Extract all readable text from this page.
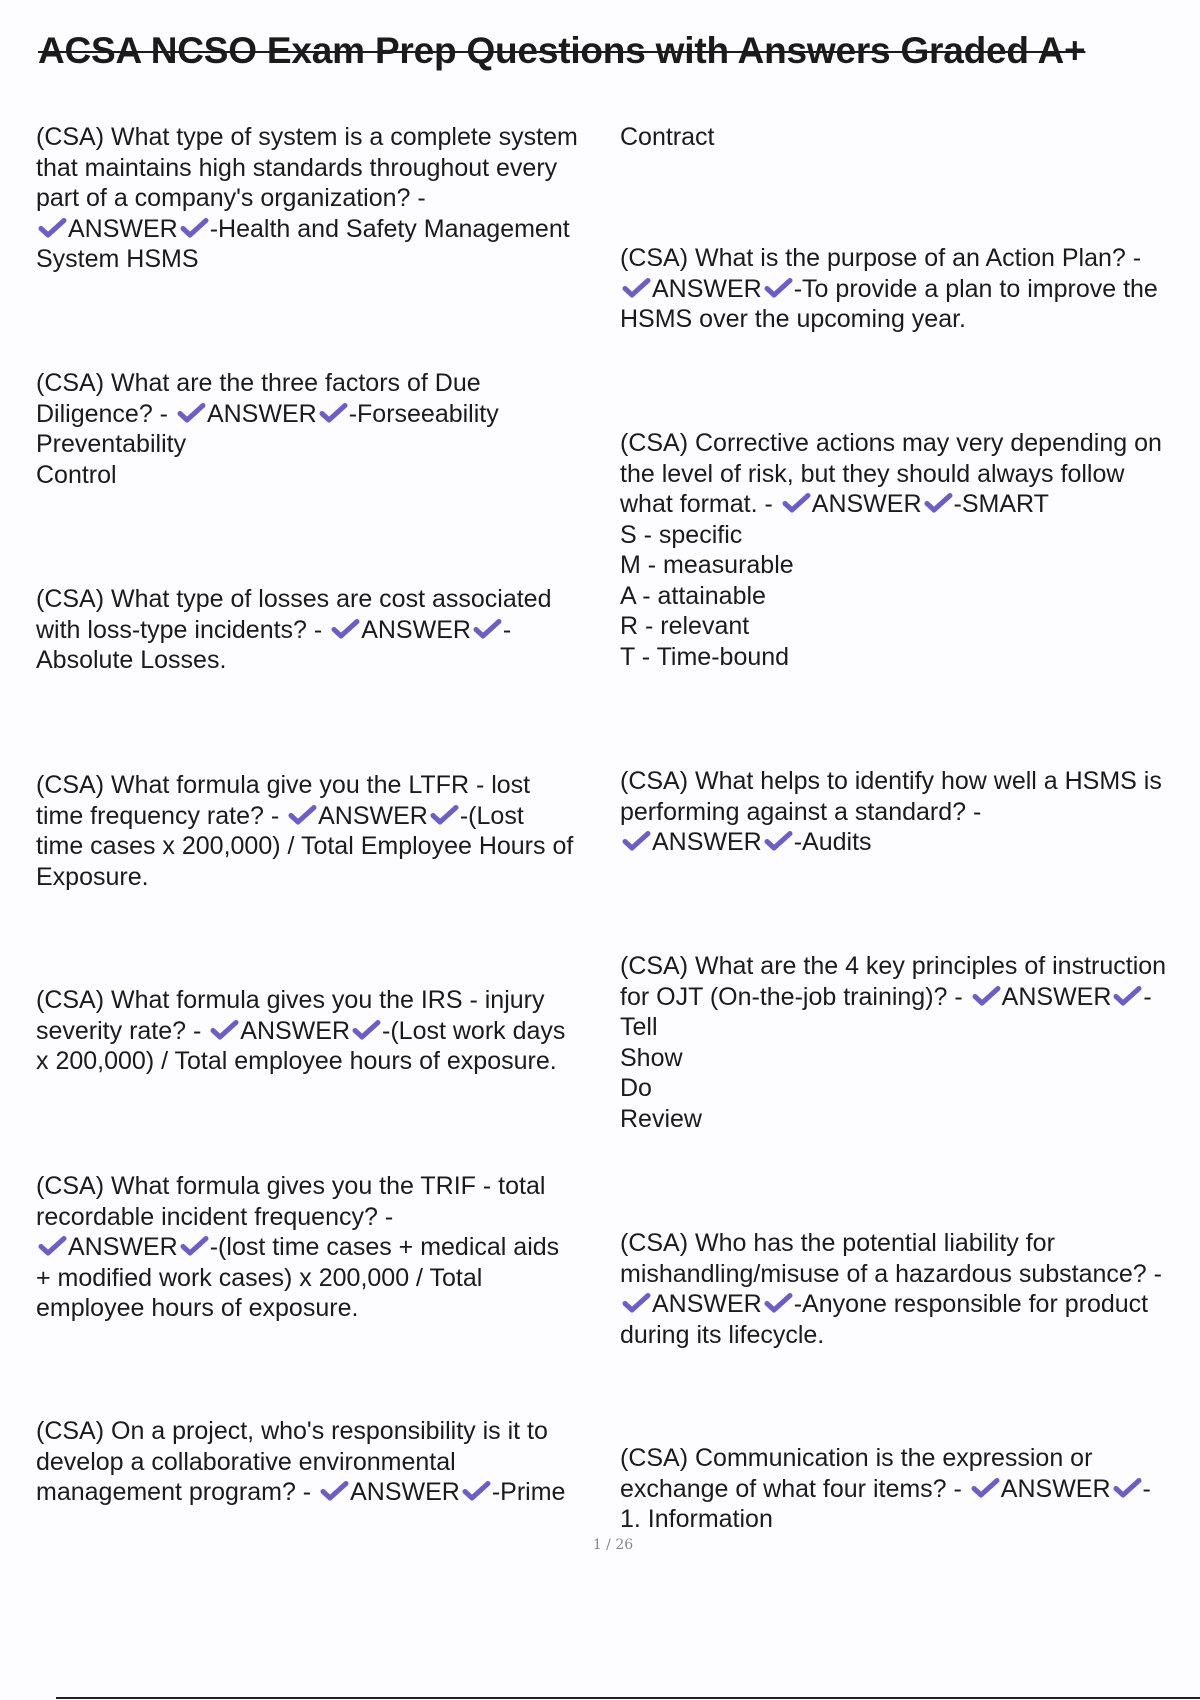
ACSA NCSO Exam Prep Questions with Answers Graded A+

(CSA) What type of system is a complete system
that maintains high standards throughout every
part of a company's organization? -

ANSWER -Health and Safety Management
System HSMS

(CSA) What are the three factors of Due
Diligence? -
ANSWER -Forseeability
Preventability
Control

(CSA) What type of losses are cost associated
with loss-type incidents? -
ANSWER -
Absolute Losses.

(CSA) What formula give you the LTFR - lost
time frequency rate? -
ANSWER -(Lost
time cases x 200,000) / Total Employee Hours of
Exposure.

(CSA) What formula gives you the IRS - injury
severity rate? -
ANSWER -(Lost work days
x 200,000) / Total employee hours of exposure.

(CSA) What formula gives you the TRIF - total
recordable incident frequency? -

ANSWER -(lost time cases + medical aids
+ modified work cases) x 200,000 / Total
employee hours of exposure.

(CSA) On a project, who's responsibility is it to
develop a collaborative environmental
management program? -
ANSWER -Prime

Contract

(CSA) What is the purpose of an Action Plan? -

ANSWER -To provide a plan to improve the
HSMS over the upcoming year.

(CSA) Corrective actions may very depending on
the level of risk, but they should always follow
what format. -
ANSWER -SMART
S - specific
M - measurable
A - attainable
R - relevant
T - Time-bound

(CSA) What helps to identify how well a HSMS is
performing against a standard? -

ANSWER -Audits

(CSA) What are the 4 key principles of instruction
for OJT (On-the-job training)? -
ANSWER -
Tell
Show
Do
Review

(CSA) Who has the potential liability for
mishandling/misuse of a hazardous substance? -

ANSWER -Anyone responsible for product
during its lifecycle.

(CSA) Communication is the expression or
exchange of what four items? -
ANSWER -
1. Information

1 / 26
